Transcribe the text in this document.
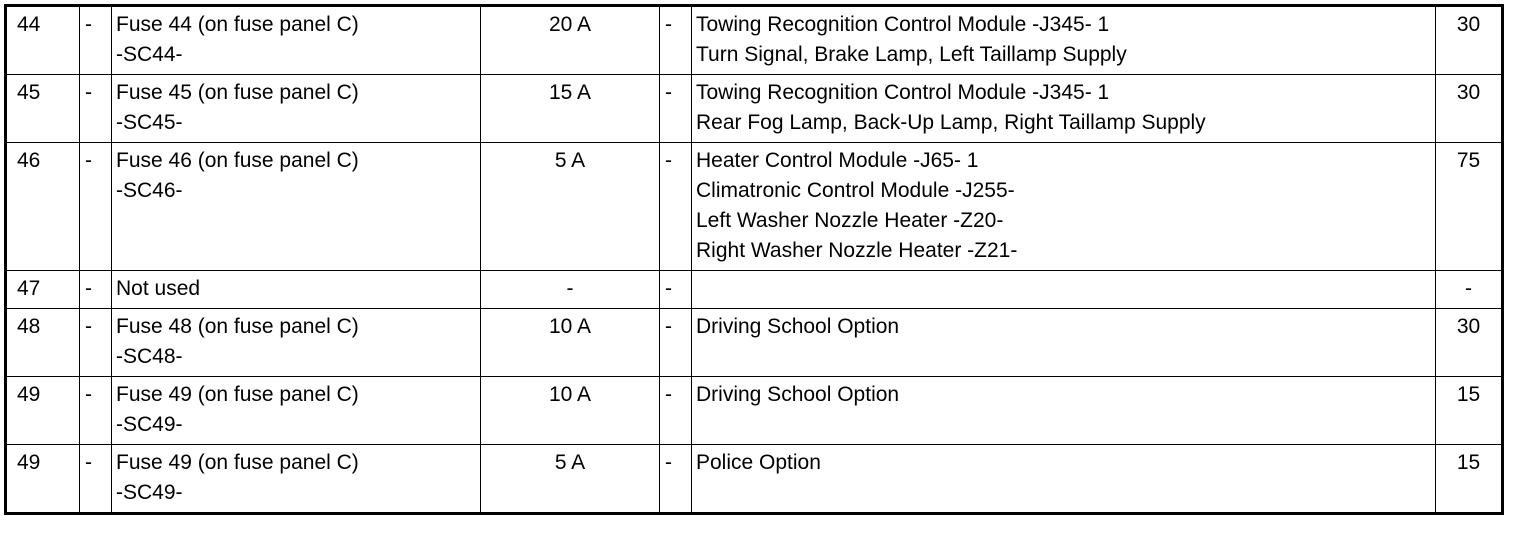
44	-	Fuse 44 (on fuse panel C)
-SC44-	20 A	-	Towing Recognition Control Module -J345- 1
Turn Signal, Brake Lamp, Left Taillamp Supply	30
45	-	Fuse 45 (on fuse panel C)
-SC45-	15 A	-	Towing Recognition Control Module -J345- 1
Rear Fog Lamp, Back-Up Lamp, Right Taillamp Supply	30
46	-	Fuse 46 (on fuse panel C)
-SC46-	5 A	-	Heater Control Module -J65- 1
Climatronic Control Module -J255-
Left Washer Nozzle Heater -Z20-
Right Washer Nozzle Heater -Z21-	75
47	-	Not used	-	-		-
48	-	Fuse 48 (on fuse panel C)
-SC48-	10 A	-	Driving School Option	30
49	-	Fuse 49 (on fuse panel C)
-SC49-	10 A	-	Driving School Option	15
49	-	Fuse 49 (on fuse panel C)
-SC49-	5 A	-	Police Option	15
